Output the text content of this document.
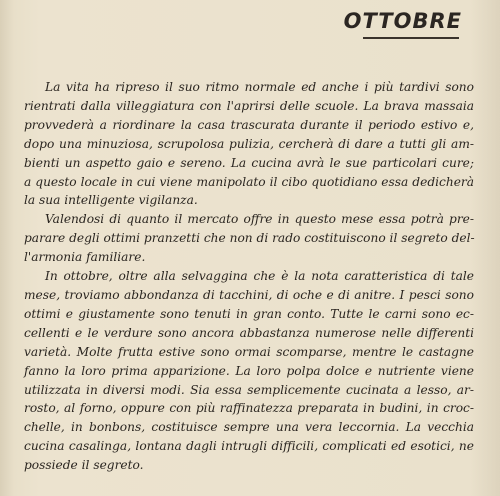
OTTOBRE
La vita ha ripreso il suo ritmo normale ed anche i più tardivi sono
rientrati dalla villeggiatura con l'aprirsi delle scuole. La brava massaia
provvederà a riordinare la casa trascurata durante il periodo estivo e,
dopo una minuziosa, scrupolosa pulizia, cercherà di dare a tutti gli am-
bienti un aspetto gaio e sereno. La cucina avrà le sue particolari cure;
a questo locale in cui viene manipolato il cibo quotidiano essa dedicherà
la sua intelligente vigilanza.
Valendosi di quanto il mercato offre in questo mese essa potrà pre-
parare degli ottimi pranzetti che non di rado costituiscono il segreto del-
l'armonia familiare.
In ottobre, oltre alla selvaggina che è la nota caratteristica di tale
mese, troviamo abbondanza di tacchini, di oche e di anitre. I pesci sono
ottimi e giustamente sono tenuti in gran conto. Tutte le carni sono ec-
cellenti e le verdure sono ancora abbastanza numerose nelle differenti
varietà. Molte frutta estive sono ormai scomparse, mentre le castagne
fanno la loro prima apparizione. La loro polpa dolce e nutriente viene
utilizzata in diversi modi. Sia essa semplicemente cucinata a lesso, ar-
rosto, al forno, oppure con più raffinatezza preparata in budini, in croc-
chelle, in bonbons, costituisce sempre una vera leccornia. La vecchia
cucina casalinga, lontana dagli intrugli difficili, complicati ed esotici, ne
possiede il segreto.
